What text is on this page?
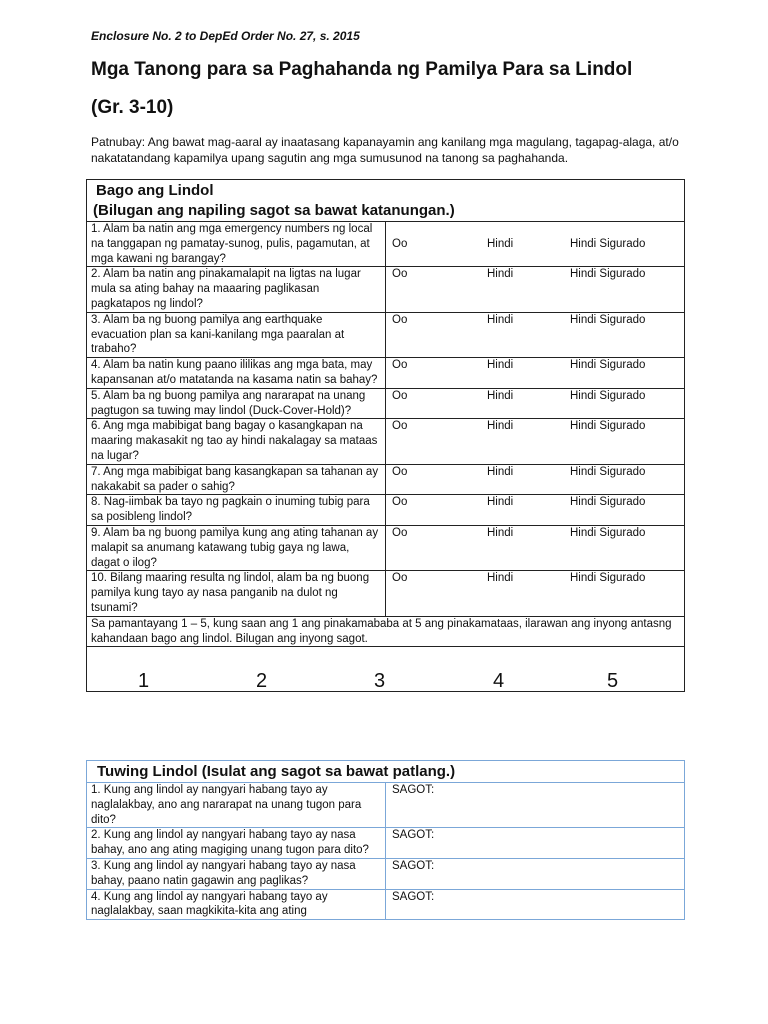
Enclosure No. 2 to DepEd Order No. 27, s. 2015
Mga Tanong para sa Paghahanda ng Pamilya Para sa Lindol
(Gr. 3-10)
Patnubay: Ang bawat mag-aaral ay inaatasang kapanayamin ang kanilang mga magulang, tagapag-alaga, at/o nakatatandang kapamilya upang sagutin ang mga sumusunod na tanong sa paghahanda.
Bago ang Lindol
(Bilugan ang napiling sagot sa bawat katanungan.)	

1. Alam ba natin ang mga emergency numbers ng local na tanggapan ng pamatay-sunog, pulis, pagamutan, at mga kawani ng barangay?	Oo Hindi Hindi Sigurado

2. Alam ba natin ang pinakamalapit na ligtas na lugar mula sa ating bahay na maaaring paglikasan pagkatapos ng lindol?	Oo Hindi Hindi Sigurado

3. Alam ba ng buong pamilya ang earthquake evacuation plan sa kani-kanilang mga paaralan at trabaho?	Oo Hindi Hindi Sigurado

4. Alam ba natin kung paano ililikas ang mga bata, may kapansanan at/o matatanda na kasama natin sa bahay?	Oo Hindi Hindi Sigurado

5. Alam ba ng buong pamilya ang nararapat na unang pagtugon sa tuwing may lindol (Duck-Cover-Hold)?	Oo Hindi Hindi Sigurado

6. Ang mga mabibigat bang bagay o kasangkapan na maaring makasakit ng tao ay hindi nakalagay sa mataas na lugar?	Oo Hindi Hindi Sigurado

7. Ang mga mabibigat bang kasangkapan sa tahanan ay nakakabit sa pader o sahig?	Oo Hindi Hindi Sigurado

8. Nag-iimbak ba tayo ng pagkain o inuming tubig para sa posibleng lindol?	Oo Hindi Hindi Sigurado

9. Alam ba ng buong pamilya kung ang ating tahanan ay malapit sa anumang katawang tubig gaya ng lawa, dagat o ilog?	Oo Hindi Hindi Sigurado

10. Bilang maaring resulta ng lindol, alam ba ng buong pamilya kung tayo ay nasa panganib na dulot ng tsunami?	Oo Hindi Hindi Sigurado

Sa pamantayang 1 – 5, kung saan ang 1 ang pinakamababa at 5 ang pinakamataas, ilarawan ang inyong antasng kahandaan bago ang lindol. Bilugan ang inyong sagot.	

1 2 3 4 5	
Tuwing Lindol (Isulat ang sagot sa bawat patlang.)	
1. Kung ang lindol ay nangyari habang tayo ay naglalakbay, ano ang nararapat na unang tugon para dito?	SAGOT:
2. Kung ang lindol ay nangyari habang tayo ay nasa bahay, ano ang ating magiging unang tugon para dito?	SAGOT:
3. Kung ang lindol ay nangyari habang tayo ay nasa bahay, paano natin gagawin ang paglikas?	SAGOT:
4. Kung ang lindol ay nangyari habang tayo ay naglalakbay, saan magkikita-kita ang ating	SAGOT:
